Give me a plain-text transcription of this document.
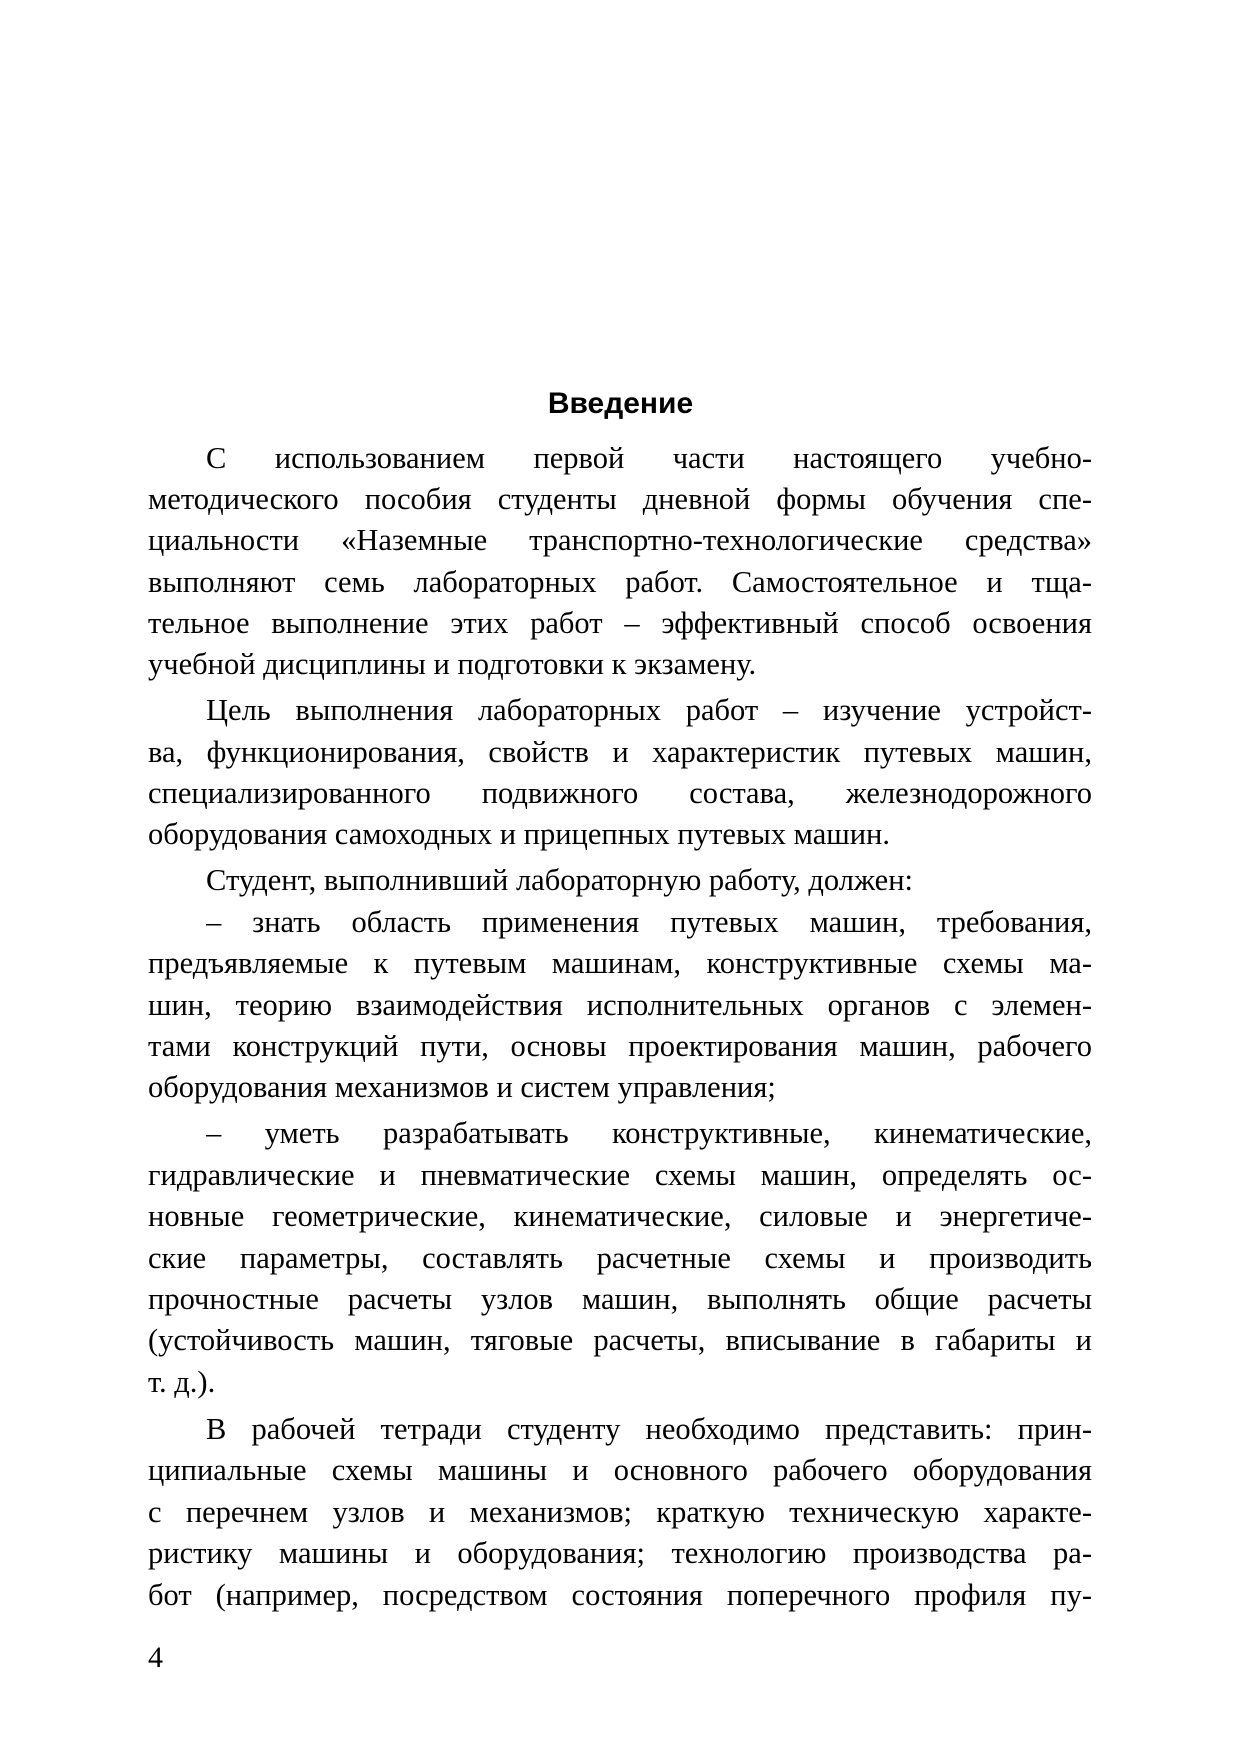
Введение
С использованием первой части настоящего учебно-
методического пособия студенты дневной формы обучения спе-
циальности «Наземные транспортно-технологические средства»
выполняют семь лабораторных работ. Самостоятельное и тща-
тельное выполнение этих работ – эффективный способ освоения
учебной дисциплины и подготовки к экзамену.
Цель выполнения лабораторных работ – изучение устройст-
ва, функционирования, свойств и характеристик путевых машин,
специализированного подвижного состава, железнодорожного
оборудования самоходных и прицепных путевых машин.
Студент, выполнивший лабораторную работу, должен:
– знать область применения путевых машин, требования,
предъявляемые к путевым машинам, конструктивные схемы ма-
шин, теорию взаимодействия исполнительных органов с элемен-
тами конструкций пути, основы проектирования машин, рабочего
оборудования механизмов и систем управления;
– уметь разрабатывать конструктивные, кинематические,
гидравлические и пневматические схемы машин, определять ос-
новные геометрические, кинематические, силовые и энергетиче-
ские параметры, составлять расчетные схемы и производить
прочностные расчеты узлов машин, выполнять общие расчеты
(устойчивость машин, тяговые расчеты, вписывание в габариты и
т. д.).
В рабочей тетради студенту необходимо представить: прин-
ципиальные схемы машины и основного рабочего оборудования
с перечнем узлов и механизмов; краткую техническую характе-
ристику машины и оборудования; технологию производства ра-
бот (например, посредством состояния поперечного профиля пу-
4
